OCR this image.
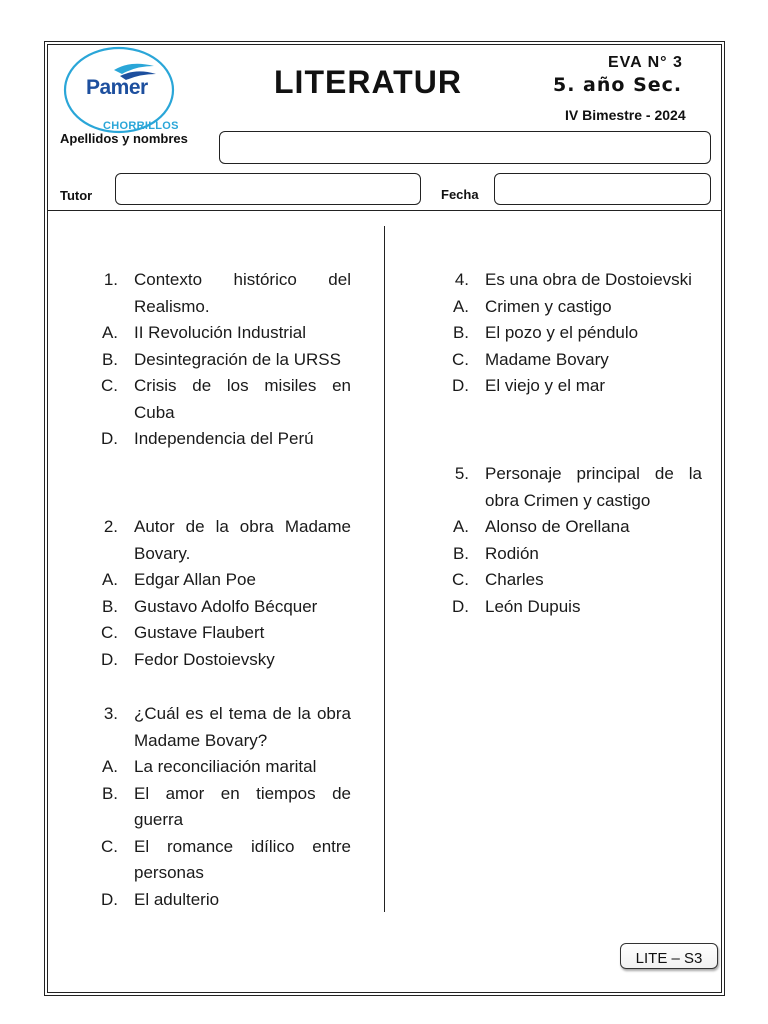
Pamer
CHORRILLOS
LITERATUR
EVA N° 3
5. año Sec.
IV Bimestre - 2024
Apellidos y nombres
Tutor	Fecha
1. Contexto histórico del Realismo.
A. II Revolución Industrial
B. Desintegración de la URSS
C. Crisis de los misiles en Cuba
D. Independencia del Perú
2. Autor de la obra Madame Bovary.
A. Edgar Allan Poe
B. Gustavo Adolfo Bécquer
C. Gustave Flaubert
D. Fedor Dostoievsky
3. ¿Cuál es el tema de la obra Madame Bovary?
A. La reconciliación marital
B. El amor en tiempos de guerra
C. El romance idílico entre personas
D. El adulterio
4. Es una obra de Dostoievski
A. Crimen y castigo
B. El pozo y el péndulo
C. Madame Bovary
D. El viejo y el mar
5. Personaje principal de la obra Crimen y castigo
A. Alonso de Orellana
B. Rodión
C. Charles
D. León Dupuis
LITE – S3
